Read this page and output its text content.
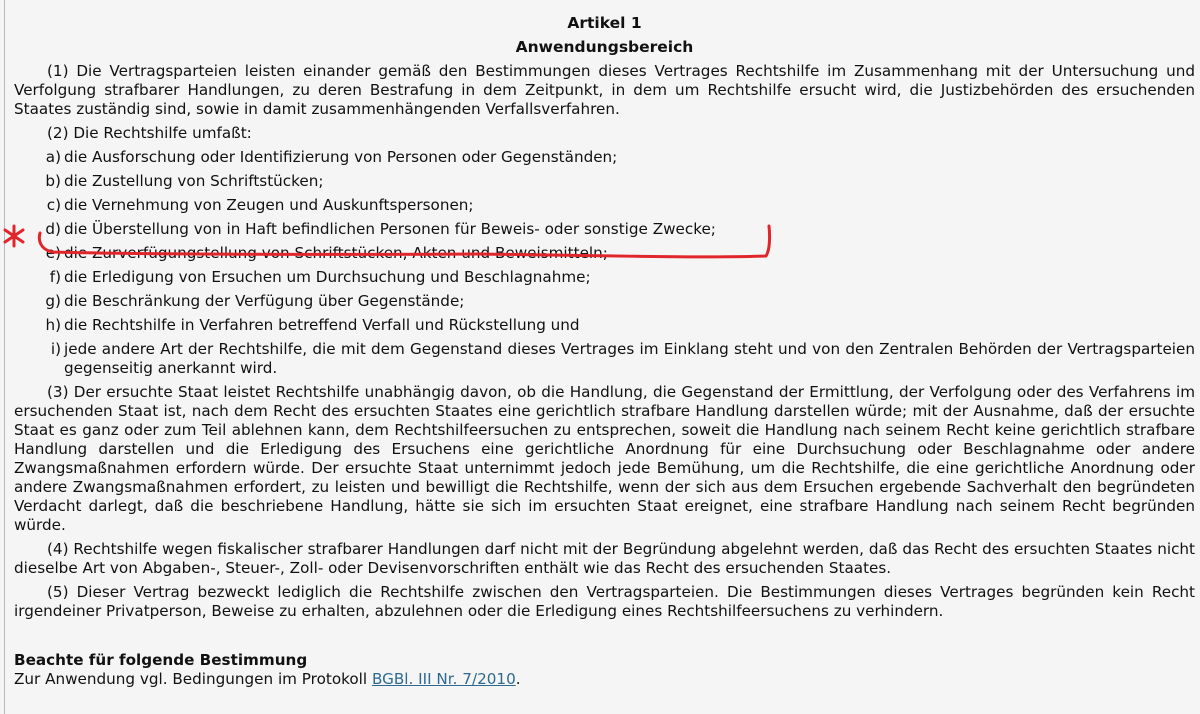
Artikel 1
Anwendungsbereich

(1) Die Vertragsparteien leisten einander gemäß den Bestimmungen dieses Vertrages Rechtshilfe im Zusammenhang mit der Untersuchung und Verfolgung strafbarer Handlungen, zu deren Bestrafung in dem Zeitpunkt, in dem um Rechtshilfe ersucht wird, die Justizbehörden des ersuchenden Staates zuständig sind, sowie in damit zusammenhängenden Verfallsverfahren.

(2) Die Rechtshilfe umfaßt:

a) die Ausforschung oder Identifizierung von Personen oder Gegenständen;
b) die Zustellung von Schriftstücken;
c) die Vernehmung von Zeugen und Auskunftspersonen;
d) die Überstellung von in Haft befindlichen Personen für Beweis- oder sonstige Zwecke;
e) die Zurverfügungstellung von Schriftstücken, Akten und Beweismitteln;
f) die Erledigung von Ersuchen um Durchsuchung und Beschlagnahme;
g) die Beschränkung der Verfügung über Gegenstände;
h) die Rechtshilfe in Verfahren betreffend Verfall und Rückstellung und
i) jede andere Art der Rechtshilfe, die mit dem Gegenstand dieses Vertrages im Einklang steht und von den Zentralen Behörden der Vertragsparteien gegenseitig anerkannt wird.

(3) Der ersuchte Staat leistet Rechtshilfe unabhängig davon, ob die Handlung, die Gegenstand der Ermittlung, der Verfolgung oder des Verfahrens im ersuchenden Staat ist, nach dem Recht des ersuchten Staates eine gerichtlich strafbare Handlung darstellen würde; mit der Ausnahme, daß der ersuchte Staat es ganz oder zum Teil ablehnen kann, dem Rechtshilfeersuchen zu entsprechen, soweit die Handlung nach seinem Recht keine gerichtlich strafbare Handlung darstellen und die Erledigung des Ersuchens eine gerichtliche Anordnung für eine Durchsuchung oder Beschlagnahme oder andere Zwangsmaßnahmen erfordern würde. Der ersuchte Staat unternimmt jedoch jede Bemühung, um die Rechtshilfe, die eine gerichtliche Anordnung oder andere Zwangsmaßnahmen erfordert, zu leisten und bewilligt die Rechtshilfe, wenn der sich aus dem Ersuchen ergebende Sachverhalt den begründeten Verdacht darlegt, daß die beschriebene Handlung, hätte sie sich im ersuchten Staat ereignet, eine strafbare Handlung nach seinem Recht begründen würde.

(4) Rechtshilfe wegen fiskalischer strafbarer Handlungen darf nicht mit der Begründung abgelehnt werden, daß das Recht des ersuchten Staates nicht dieselbe Art von Abgaben-, Steuer-, Zoll- oder Devisenvorschriften enthält wie das Recht des ersuchenden Staates.

(5) Dieser Vertrag bezweckt lediglich die Rechtshilfe zwischen den Vertragsparteien. Die Bestimmungen dieses Vertrages begründen kein Recht irgendeiner Privatperson, Beweise zu erhalten, abzulehnen oder die Erledigung eines Rechtshilfeersuchens zu verhindern.

Beachte für folgende Bestimmung

Zur Anwendung vgl. Bedingungen im Protokoll BGBl. III Nr. 7/2010.
